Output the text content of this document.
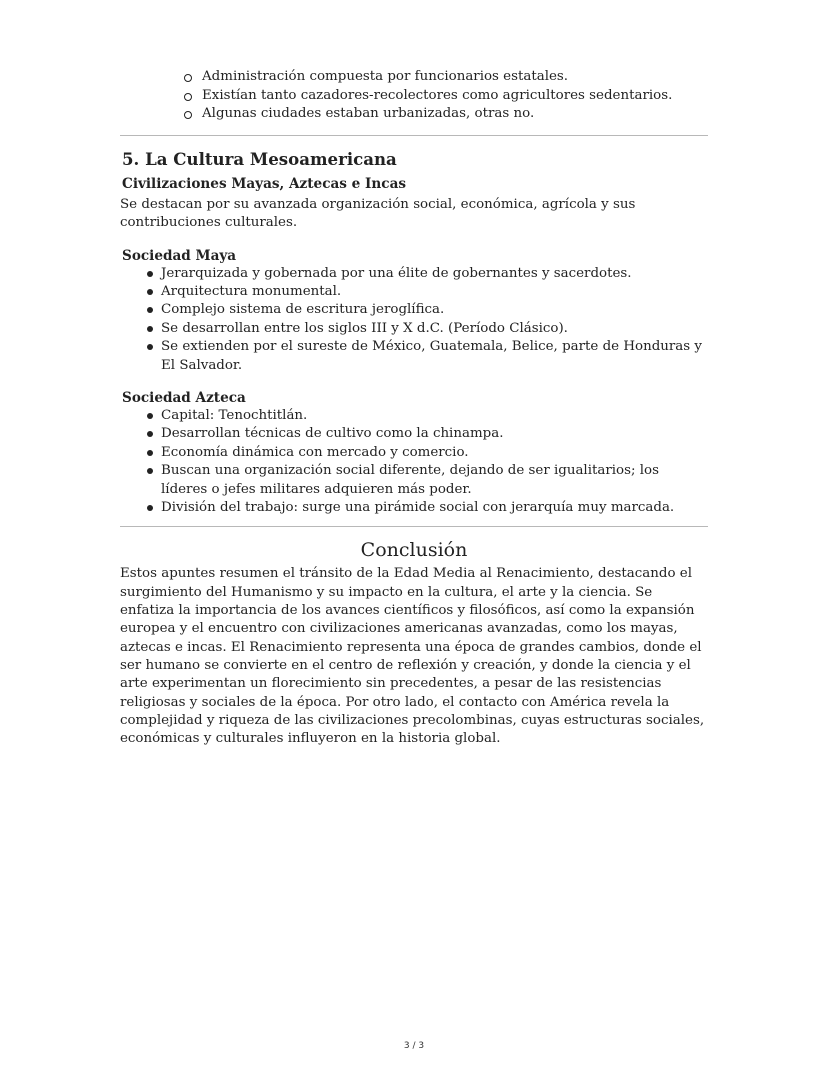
Administración compuesta por funcionarios estatales.
Existían tanto cazadores-recolectores como agricultores sedentarios.
Algunas ciudades estaban urbanizadas, otras no.
5. La Cultura Mesoamericana
Civilizaciones Mayas, Aztecas e Incas

Se destacan por su avanzada organización social, económica, agrícola y sus contribuciones culturales.

Sociedad Maya
Jerarquizada y gobernada por una élite de gobernantes y sacerdotes.
Arquitectura monumental.
Complejo sistema de escritura jeroglífica.
Se desarrollan entre los siglos III y X d.C. (Período Clásico).
Se extienden por el sureste de México, Guatemala, Belice, parte de Honduras y El Salvador.
Sociedad Azteca
Capital: Tenochtitlán.
Desarrollan técnicas de cultivo como la chinampa.
Economía dinámica con mercado y comercio.
Buscan una organización social diferente, dejando de ser igualitarios; los líderes o jefes militares adquieren más poder.
División del trabajo: surge una pirámide social con jerarquía muy marcada.
Conclusión

Estos apuntes resumen el tránsito de la Edad Media al Renacimiento, destacando el surgimiento del Humanismo y su impacto en la cultura, el arte y la ciencia. Se enfatiza la importancia de los avances científicos y filosóficos, así como la expansión europea y el encuentro con civilizaciones americanas avanzadas, como los mayas, aztecas e incas. El Renacimiento representa una época de grandes cambios, donde el ser humano se convierte en el centro de reflexión y creación, y donde la ciencia y el arte experimentan un florecimiento sin precedentes, a pesar de las resistencias religiosas y sociales de la época. Por otro lado, el contacto con América revela la complejidad y riqueza de las civilizaciones precolombinas, cuyas estructuras sociales, económicas y culturales influyeron en la historia global.

3 / 3
